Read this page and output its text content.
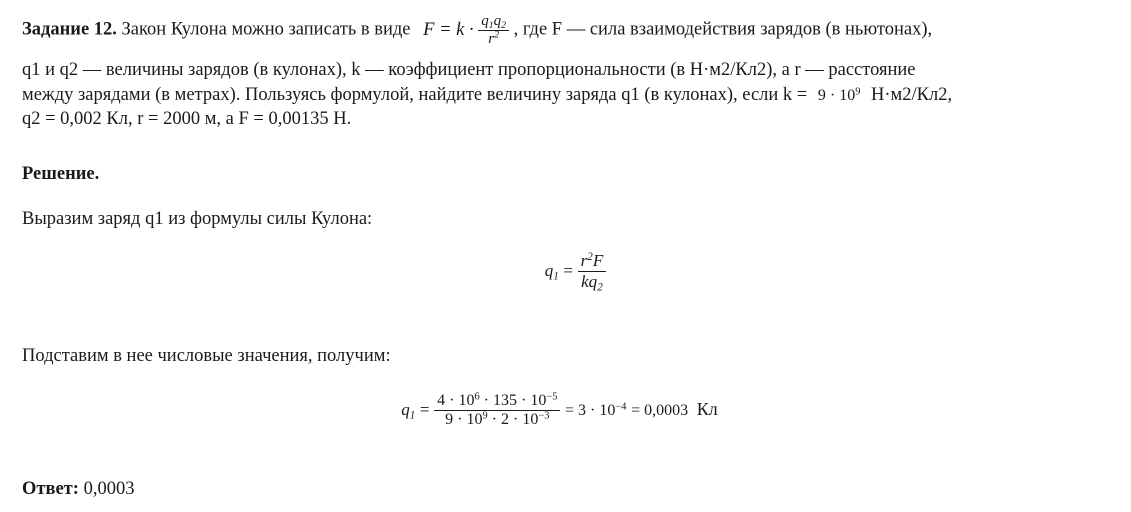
Задание 12. Закон Кулона можно записать в виде $F = k \cdot \frac{q_1q_2}{r^2}$ , где F — сила взаимодействия зарядов (в ньютонах),
q1 и q2 — величины зарядов (в кулонах), k — коэффициент пропорциональности (в Н·м2/Кл2), а r — расстояние
между зарядами (в метрах). Пользуясь формулой, найдите величину заряда q1 (в кулонах), если $k = 9 \cdot 10^9$ Н·м2/Кл2,
q2 = 0,002 Кл, r = 2000 м, а F = 0,00135 Н.
Решение.
Выразим заряд q1 из формулы силы Кулона:
$q_1 = \frac{r^2F}{kq_2}$
Подставим в нее числовые значения, получим:
$q_1 = \frac{4 \cdot 10^6 \cdot 135 \cdot 10^{-5}}{9 \cdot 10^9 \cdot 2 \cdot 10^{-3}} = 3 \cdot 10^{-4} = 0,0003$ Кл
Ответ: 0,0003
